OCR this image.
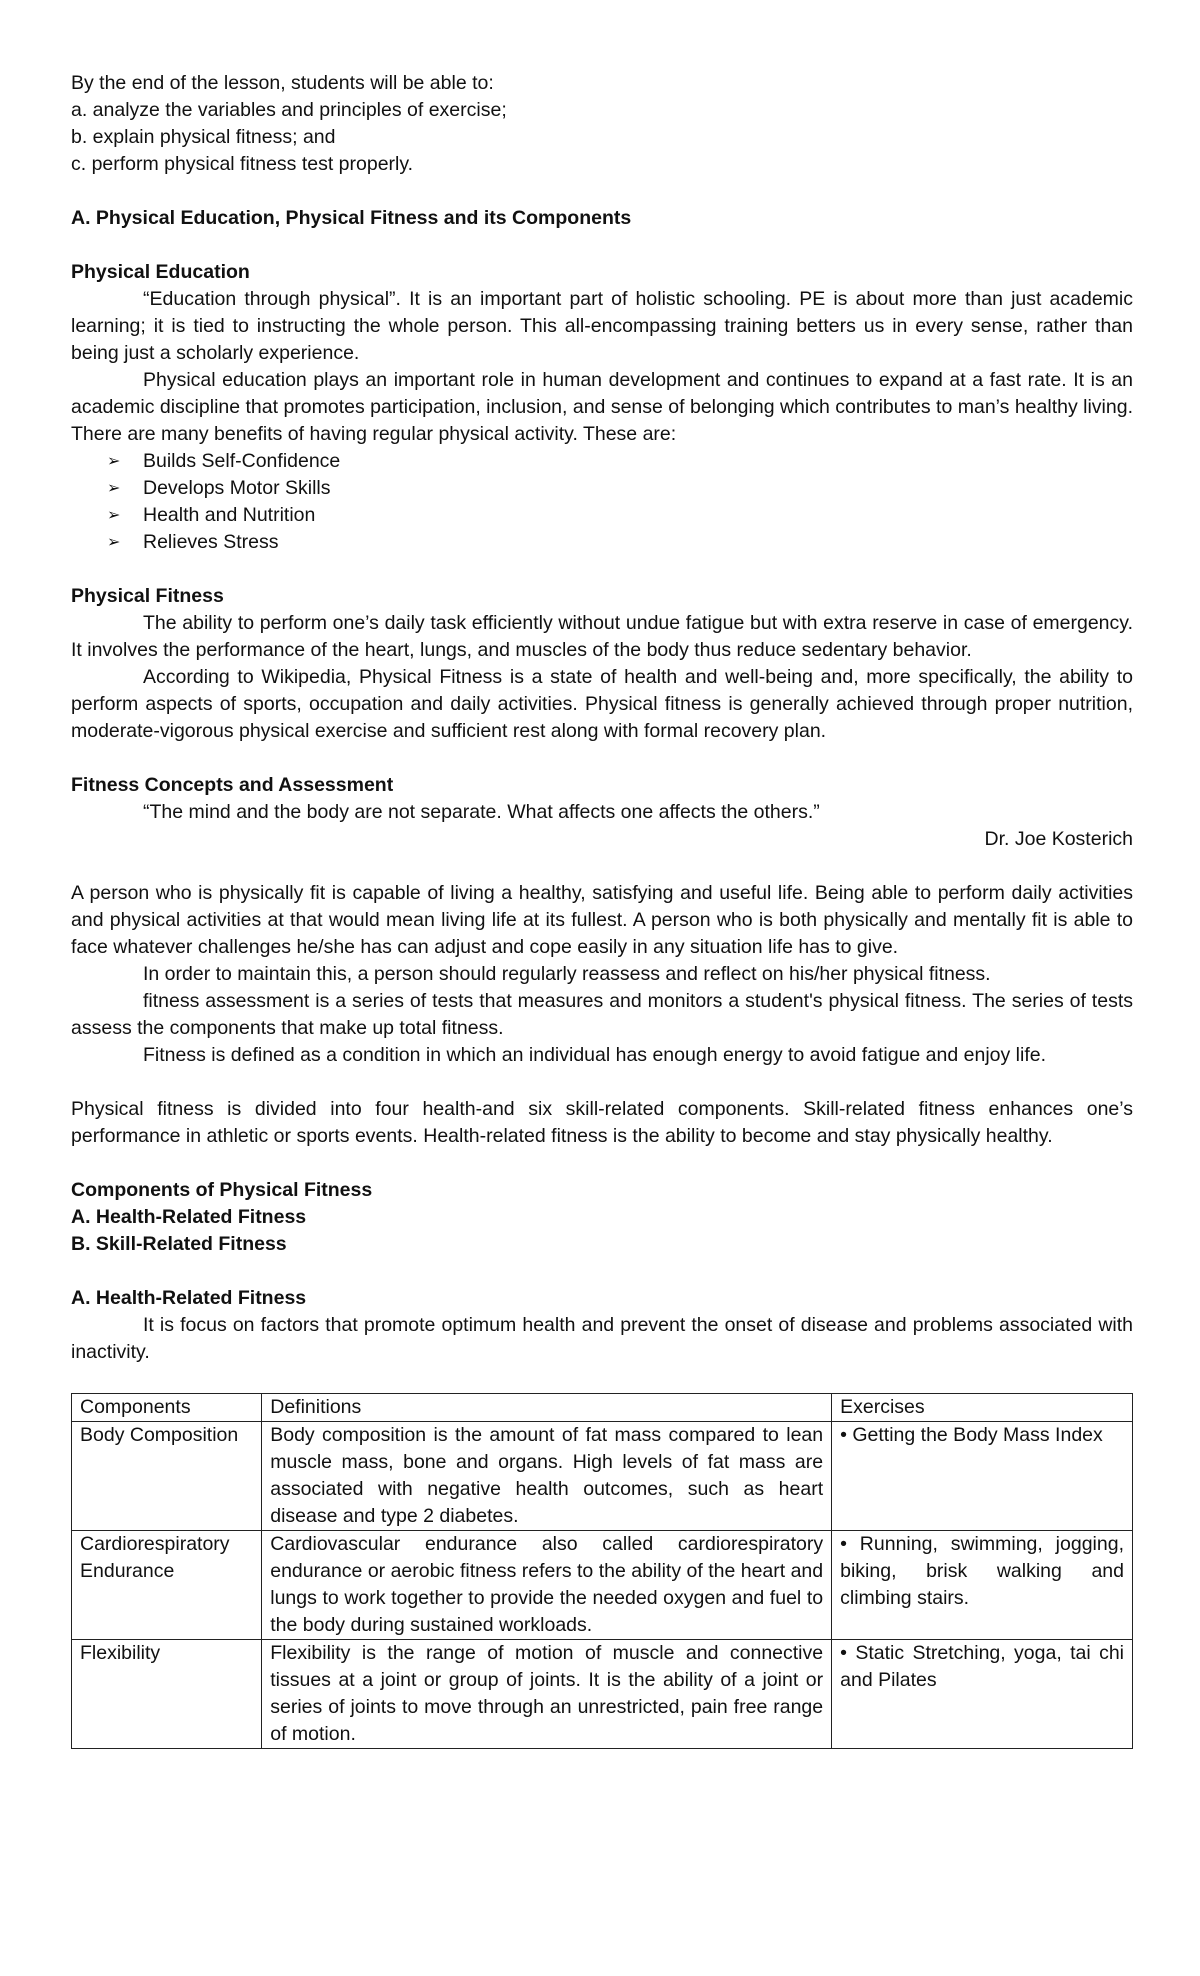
By the end of the lesson, students will be able to:

a. analyze the variables and principles of exercise;

b. explain physical fitness; and

c. perform physical fitness test properly.

A. Physical Education, Physical Fitness and its Components

Physical Education

“Education through physical”. It is an important part of holistic schooling. PE is about more than just academic learning; it is tied to instructing the whole person. This all-encompassing training betters us in every sense, rather than being just a scholarly experience.

Physical education plays an important role in human development and continues to expand at a fast rate. It is an academic discipline that promotes participation, inclusion, and sense of belonging which contributes to man’s healthy living. There are many benefits of having regular physical activity. These are:

➢ Builds Self-Confidence
➢ Develops Motor Skills
➢ Health and Nutrition
➢ Relieves Stress

Physical Fitness

The ability to perform one’s daily task efficiently without undue fatigue but with extra reserve in case of emergency. It involves the performance of the heart, lungs, and muscles of the body thus reduce sedentary behavior.

According to Wikipedia, Physical Fitness is a state of health and well-being and, more specifically, the ability to perform aspects of sports, occupation and daily activities. Physical fitness is generally achieved through proper nutrition, moderate-vigorous physical exercise and sufficient rest along with formal recovery plan.

Fitness Concepts and Assessment

“The mind and the body are not separate. What affects one affects the others.”

Dr. Joe Kosterich

A person who is physically fit is capable of living a healthy, satisfying and useful life. Being able to perform daily activities and physical activities at that would mean living life at its fullest. A person who is both physically and mentally fit is able to face whatever challenges he/she has can adjust and cope easily in any situation life has to give.

In order to maintain this, a person should regularly reassess and reflect on his/her physical fitness.

fitness assessment is a series of tests that measures and monitors a student's physical fitness. The series of tests assess the components that make up total fitness.

Fitness is defined as a condition in which an individual has enough energy to avoid fatigue and enjoy life.

Physical fitness is divided into four health-and six skill-related components. Skill-related fitness enhances one’s performance in athletic or sports events. Health-related fitness is the ability to become and stay physically healthy.

Components of Physical Fitness

A. Health-Related Fitness

B. Skill-Related Fitness

A. Health-Related Fitness

It is focus on factors that promote optimum health and prevent the onset of disease and problems associated with inactivity.

Components	Definitions	Exercises
Body Composition	Body composition is the amount of fat mass compared to lean muscle mass, bone and organs. High levels of fat mass are associated with negative health outcomes, such as heart disease and type 2 diabetes.	• Getting the Body Mass Index
Cardiorespiratory Endurance	Cardiovascular endurance also called cardiorespiratory endurance or aerobic fitness refers to the ability of the heart and lungs to work together to provide the needed oxygen and fuel to the body during sustained workloads.	• Running, swimming, jogging, biking, brisk walking and climbing stairs.
Flexibility	Flexibility is the range of motion of muscle and connective tissues at a joint or group of joints. It is the ability of a joint or series of joints to move through an unrestricted, pain free range of motion.	• Static Stretching, yoga, tai chi and Pilates
